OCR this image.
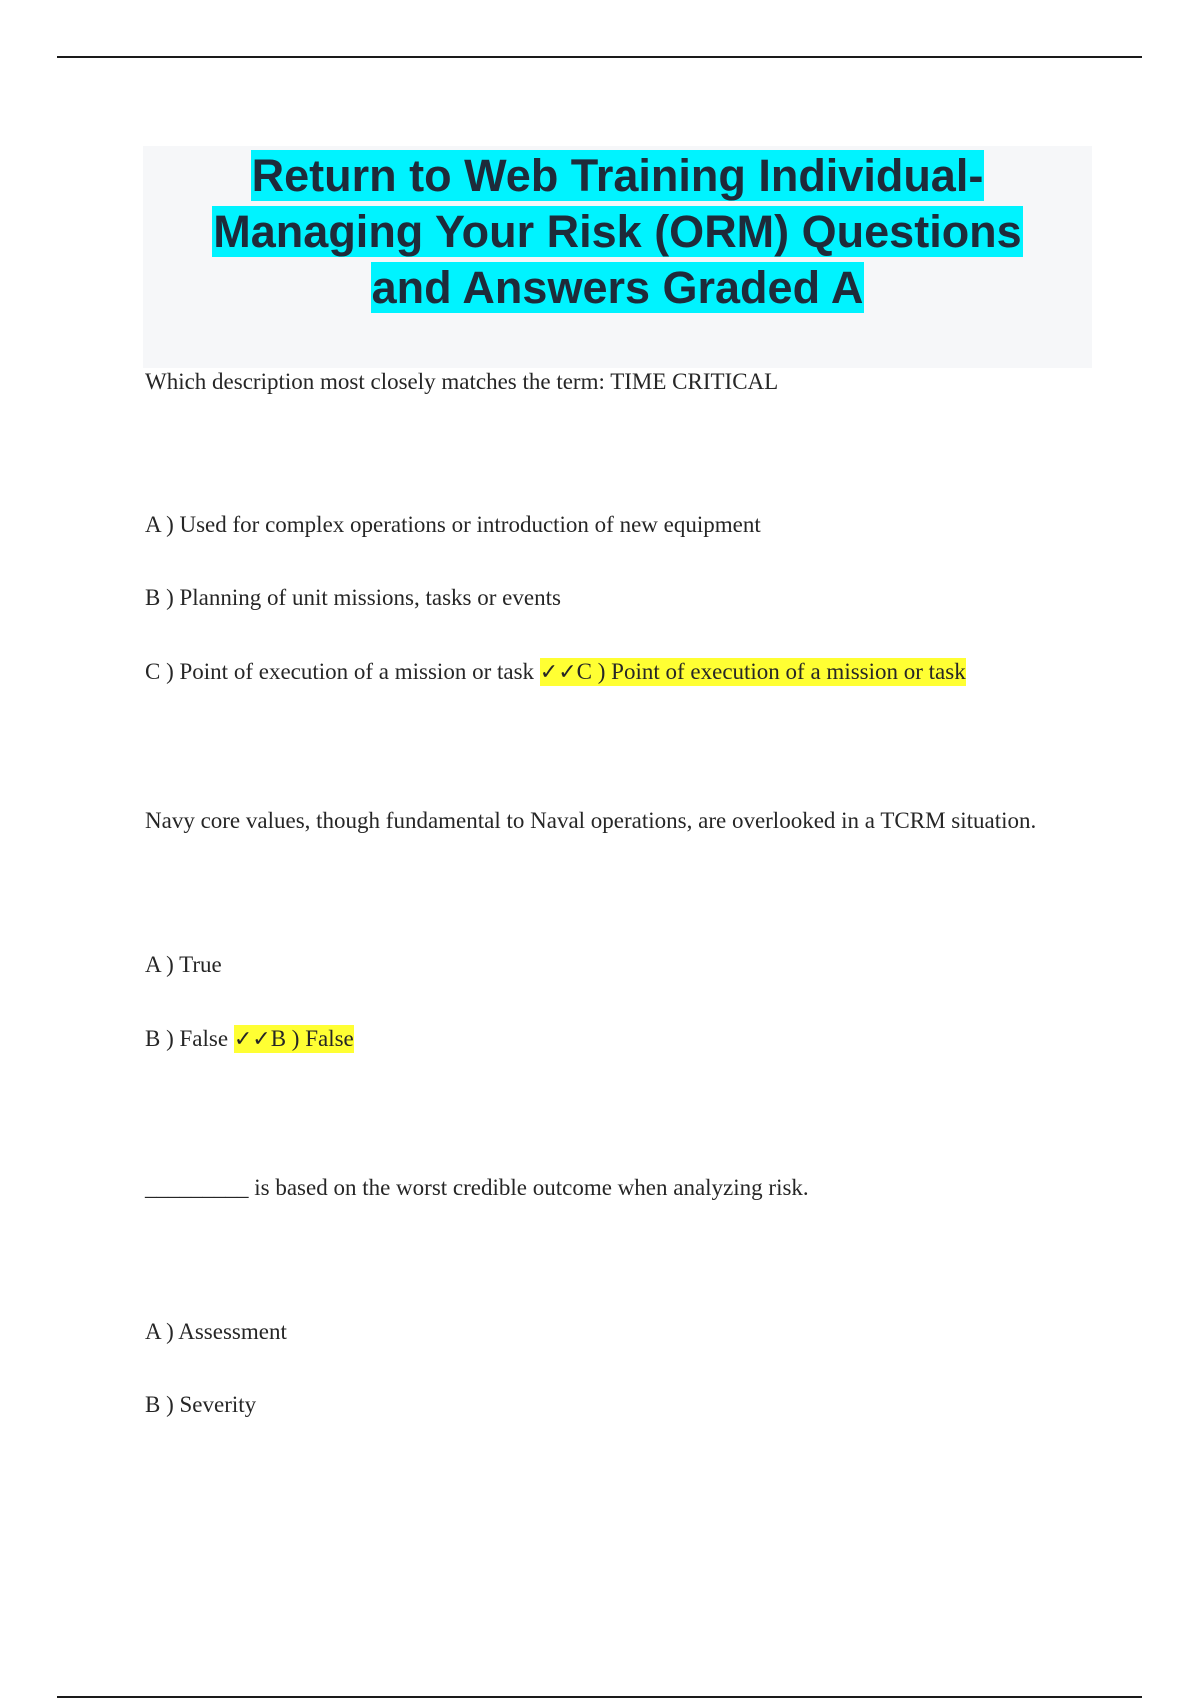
Return to Web Training Individual-
Managing Your Risk (ORM) Questions
and Answers Graded A
Which description most closely matches the term: TIME CRITICAL
A ) Used for complex operations or introduction of new equipment
B ) Planning of unit missions, tasks or events
C ) Point of execution of a mission or task ✓✓C ) Point of execution of a mission or task
Navy core values, though fundamental to Naval operations, are overlooked in a TCRM situation.
A ) True
B ) False ✓✓B ) False
_________ is based on the worst credible outcome when analyzing risk.
A ) Assessment
B ) Severity
